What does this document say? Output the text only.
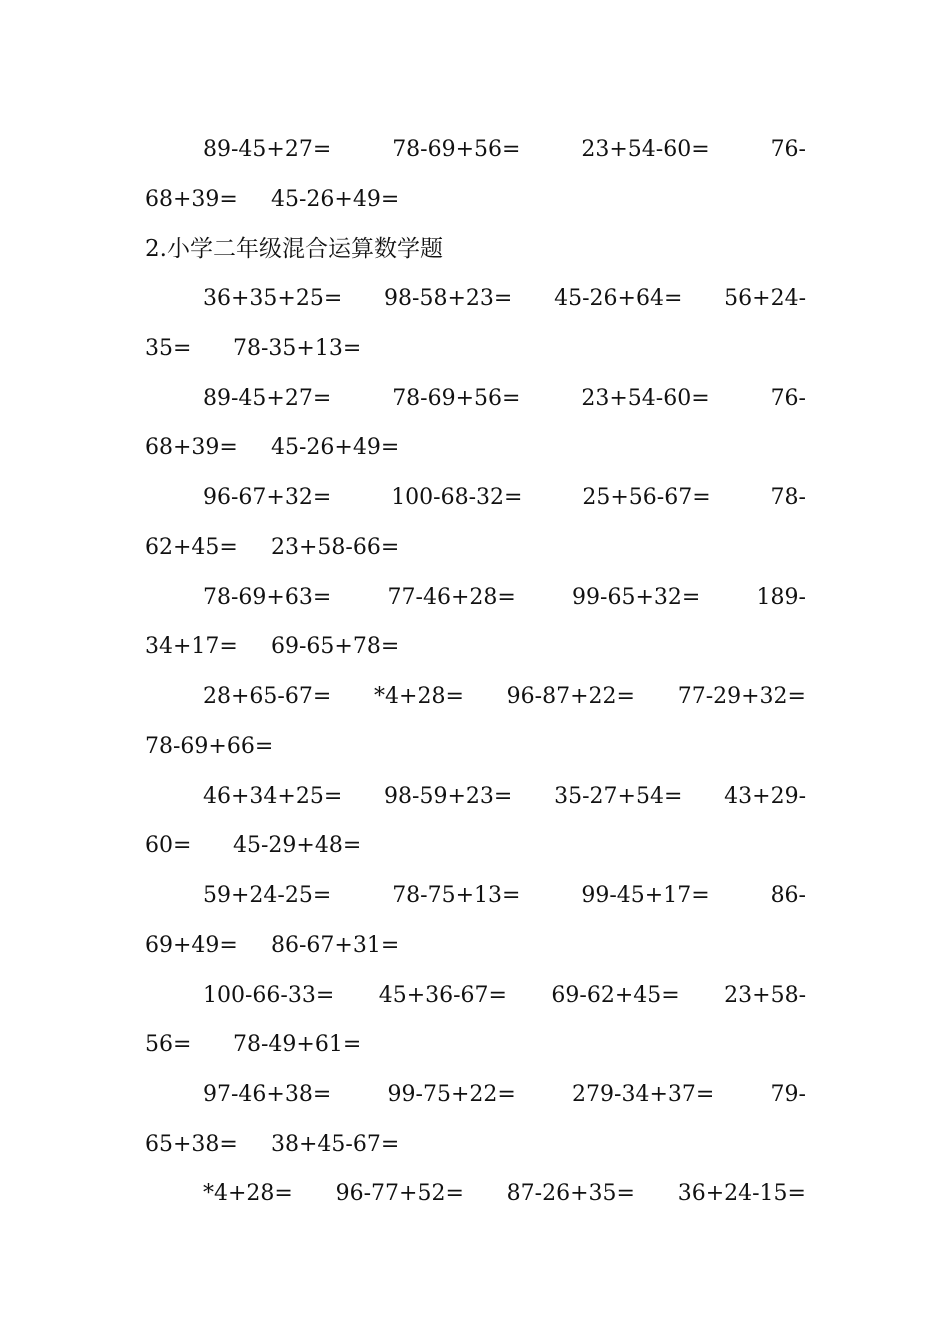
89-45+27=	78-69+56=	23+54-60=	76-
68+39= 45-26+49=
2.小学二年级混合运算数学题
36+35+25= 98-58+23= 45-26+64= 56+24-
35= 78-35+13=
89-45+27=	78-69+56=	23+54-60=	76-
68+39= 45-26+49=
96-67+32=	100-68-32=	25+56-67=	78-
62+45= 23+58-66=
78-69+63=	77-46+28=	99-65+32=	189-
34+17= 69-65+78=
28+65-67= *4+28= 96-87+22= 77-29+32=
78-69+66=
46+34+25= 98-59+23= 35-27+54= 43+29-
60= 45-29+48=
59+24-25=	78-75+13=	99-45+17=	86-
69+49= 86-67+31=
100-66-33= 45+36-67= 69-62+45= 23+58-
56= 78-49+61=
97-46+38=	99-75+22=	279-34+37=	79-
65+38= 38+45-67=
*4+28= 96-77+52= 87-26+35= 36+24-15=
